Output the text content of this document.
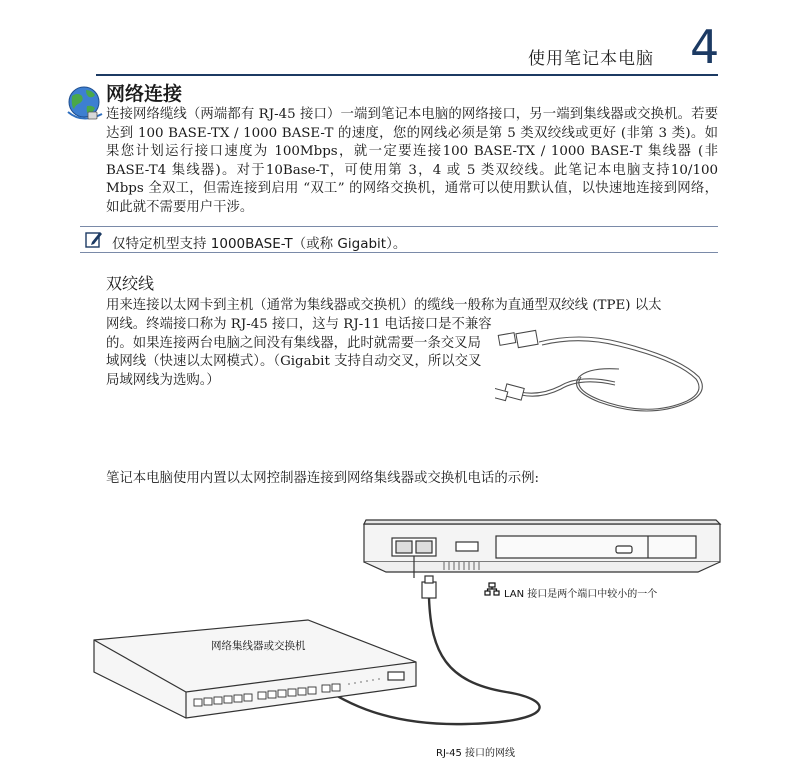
使用笔记本电脑 4
网络连接
连接网络缆线（两端都有 RJ-45 接口）一端到笔记本电脑的网络接口，另一端到集线器或交换机。若要达到 100 BASE-TX / 1000 BASE-T 的速度，您的网线必须是第 5 类双绞线或更好 (非第 3 类)。如果您计划运行接口速度为 100Mbps，就一定要连接100 BASE-TX / 1000 BASE-T 集线器 (非 BASE-T4 集线器)。对于10Base-T，可使用第 3，4 或 5 类双绞线。此笔记本电脑支持10/100 Mbps 全双工，但需连接到启用 “双工” 的网络交换机，通常可以使用默认值，以快速地连接到网络，如此就不需要用户干涉。
仅特定机型支持 1000BASE-T（或称 Gigabit）。
双绞线
用来连接以太网卡到主机（通常为集线器或交换机）的缆线一般称为直通型双绞线 (TPE) 以太
网线。终端接口称为 RJ-45 接口，这与 RJ-11 电话接口是不兼容的。如果连接两台电脑之间没有集线器，此时就需要一条交叉局域网线（快速以太网模式）。（Gigabit 支持自动交叉，所以交叉局域网线为选购。）
笔记本电脑使用内置以太网控制器连接到网络集线器或交换机电话的示例:
网络集线器或交换机
LAN 接口是两个端口中较小的一个
RJ-45 接口的网线
